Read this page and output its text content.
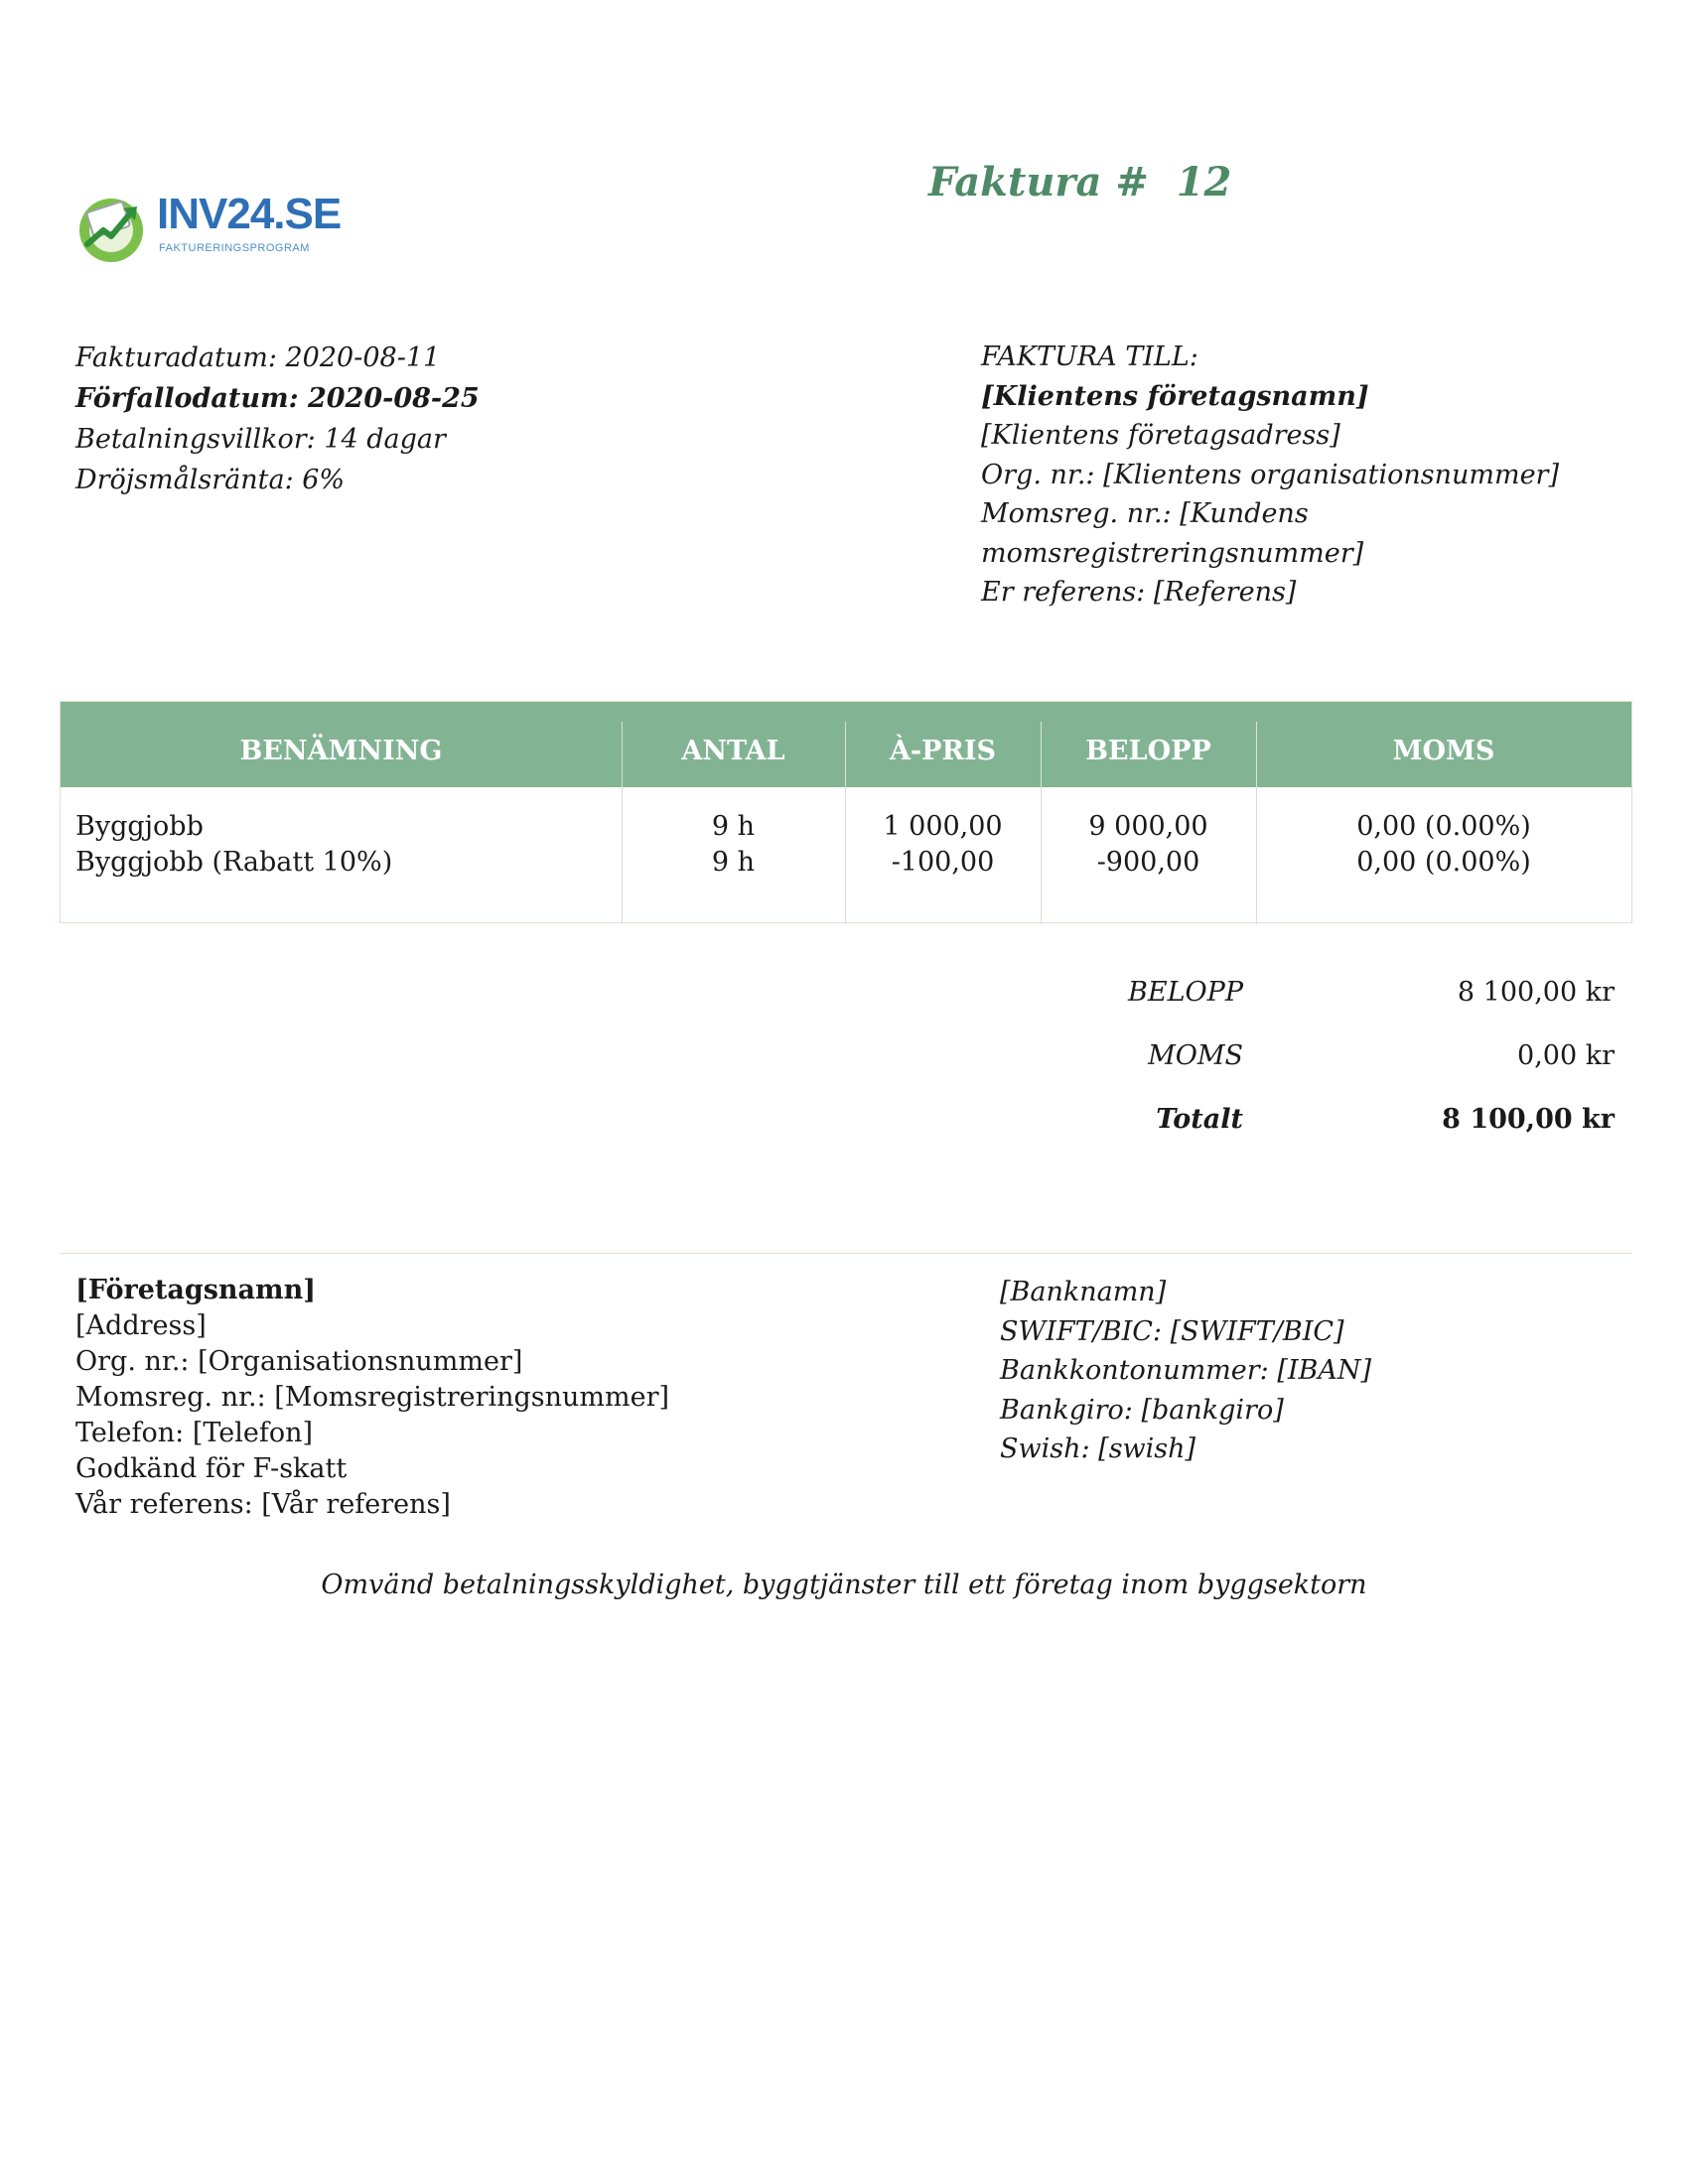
INV24.SE
FAKTURERINGSPROGRAM
Faktura #  12
Fakturadatum: 2020-08-11
Förfallodatum: 2020-08-25
Betalningsvillkor: 14 dagar
Dröjsmålsränta: 6%
FAKTURA TILL:
[Klientens företagsnamn]
[Klientens företagsadress]
Org. nr.: [Klientens organisationsnummer]
Momsreg. nr.: [Kundens
momsregistreringsnummer]
Er referens: [Referens]
BENÄMNING	ANTAL	À-PRIS	BELOPP	MOMS
Byggjobb	9 h	1 000,00	9 000,00	0,00 (0.00%)
Byggjobb (Rabatt 10%)	9 h	-100,00	-900,00	0,00 (0.00%)
BELOPP	8 100,00 kr
MOMS	0,00 kr
Totalt	8 100,00 kr
[Företagsnamn]
[Address]
Org. nr.: [Organisationsnummer]
Momsreg. nr.: [Momsregistreringsnummer]
Telefon: [Telefon]
Godkänd för F-skatt
Vår referens: [Vår referens]
[Banknamn]
SWIFT/BIC: [SWIFT/BIC]
Bankkontonummer: [IBAN]
Bankgiro: [bankgiro]
Swish: [swish]
Omvänd betalningsskyldighet, byggtjänster till ett företag inom byggsektorn
